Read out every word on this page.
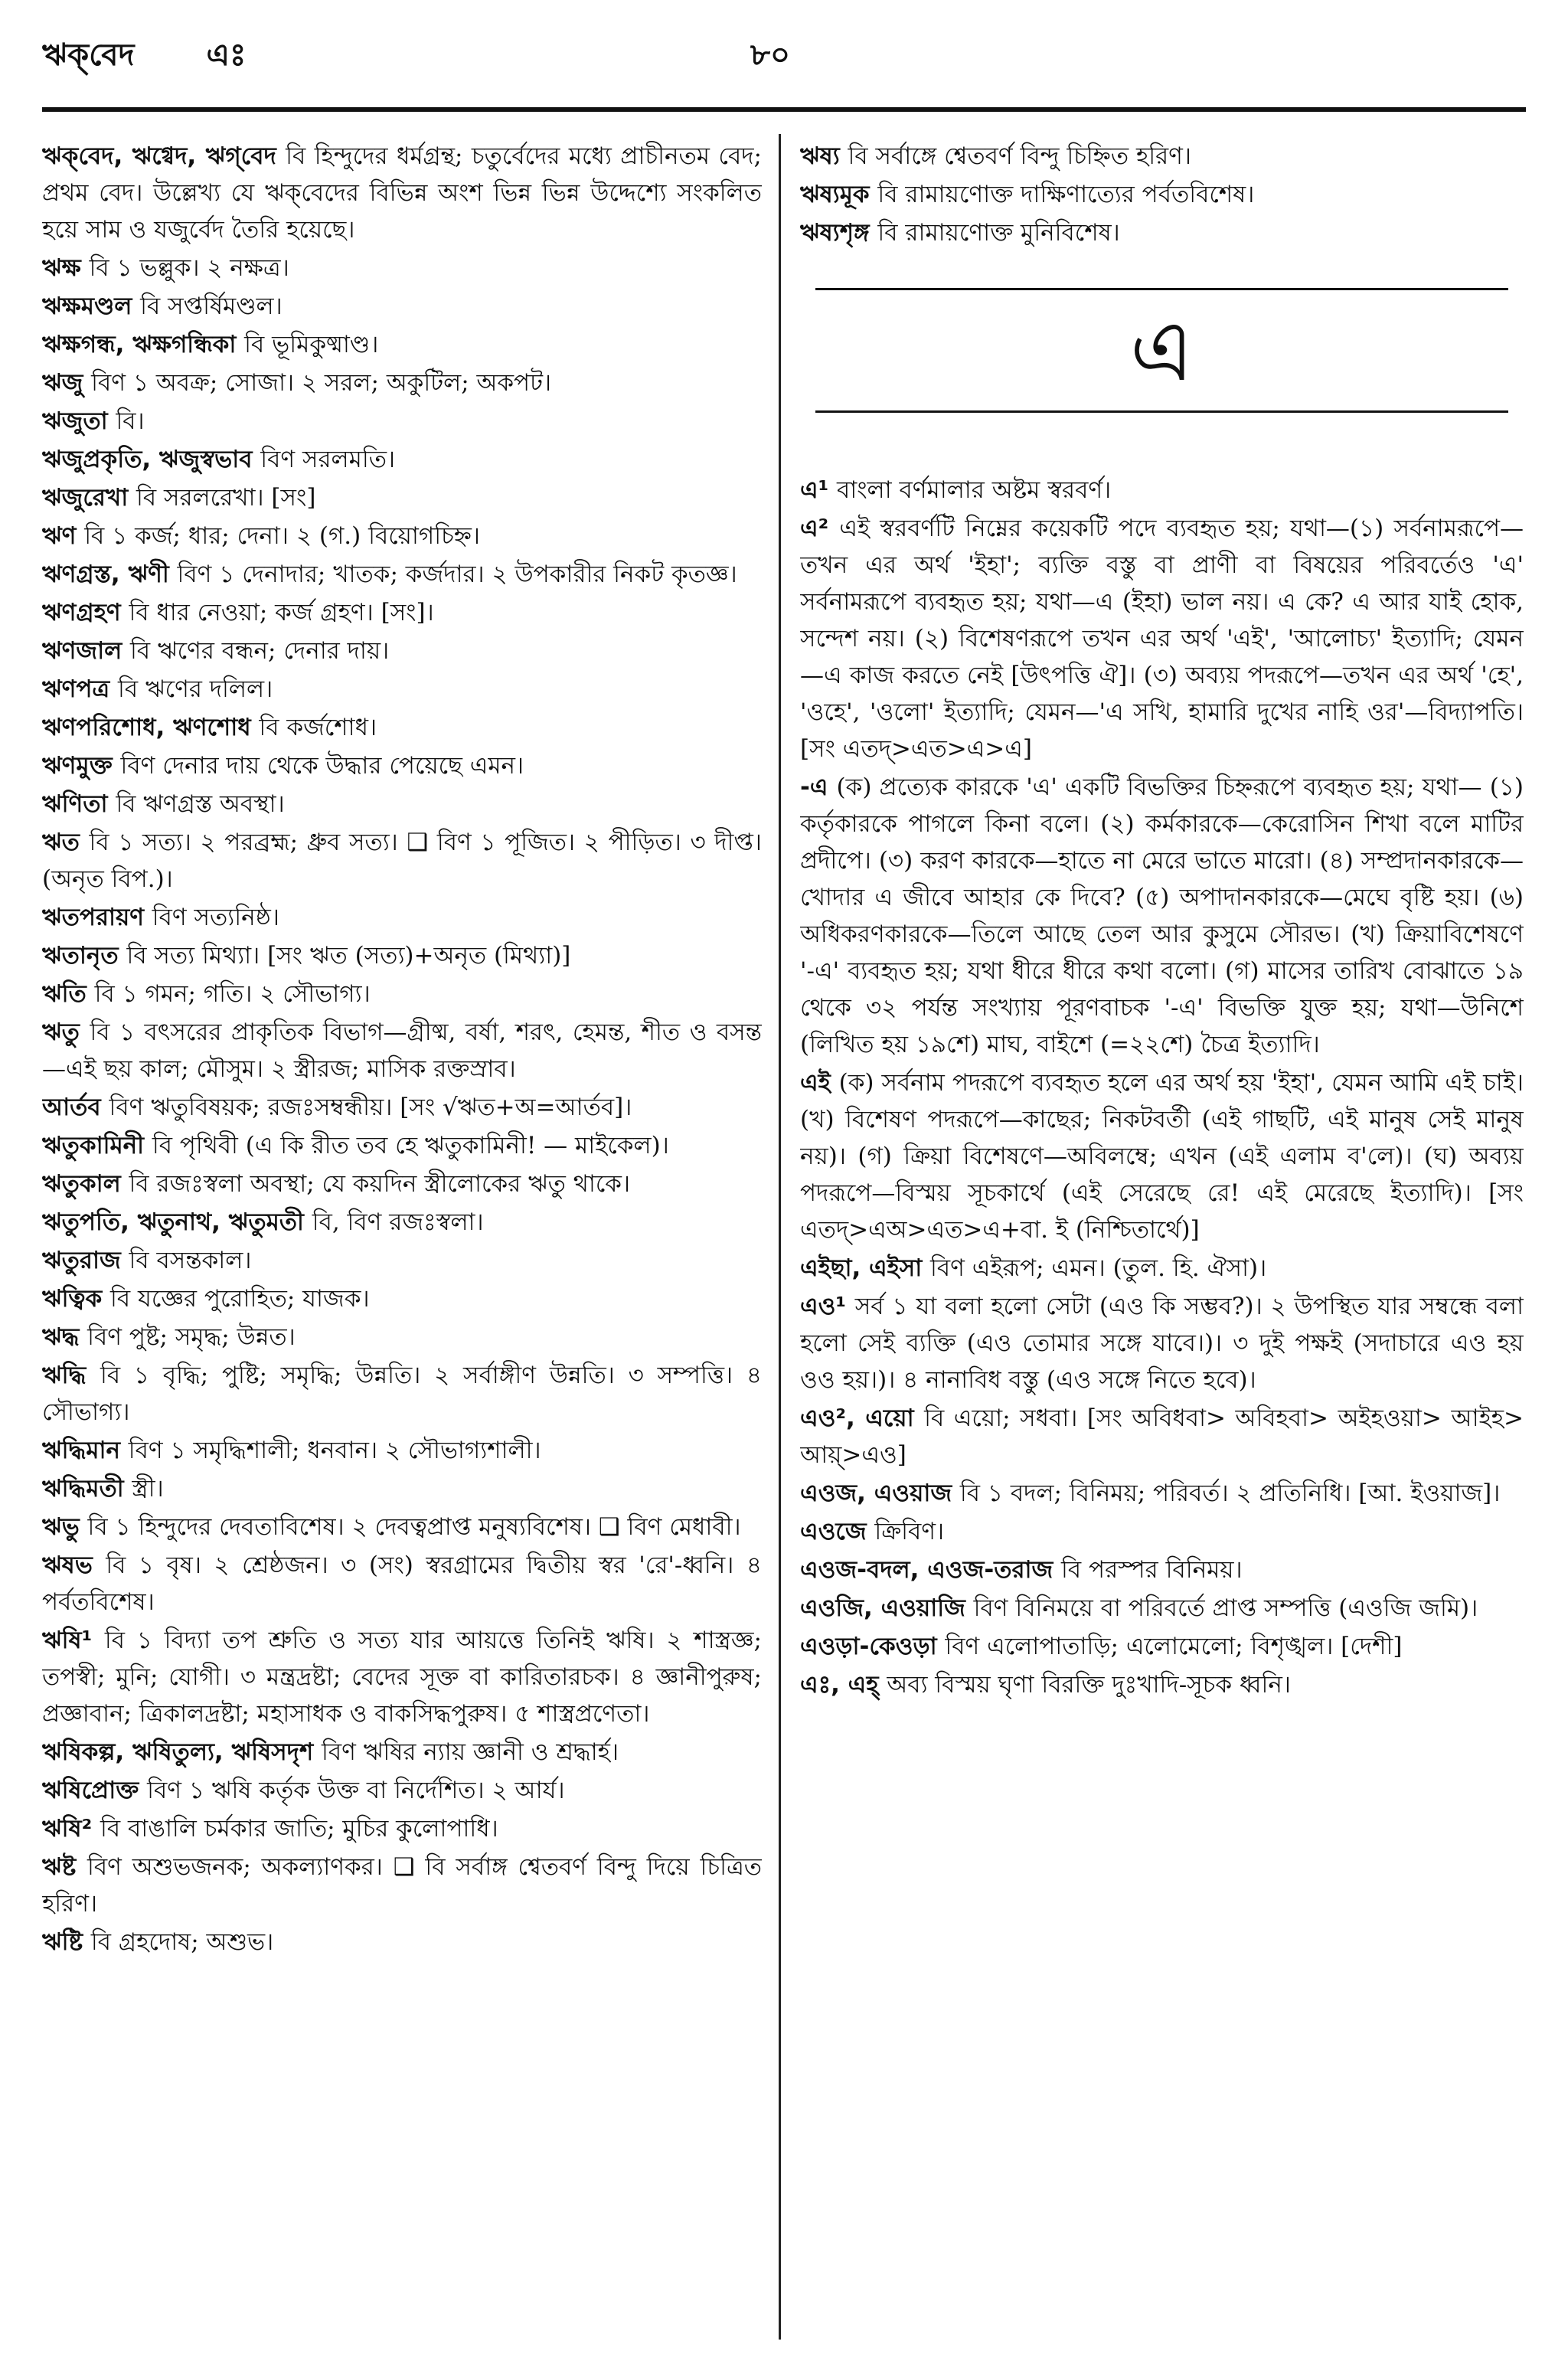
ঋক্‌বেদ এঃ	৮০
ঋক্‌বেদ, ঋগ্বেদ, ঋগ্‌বেদ বি হিন্দুদের ধর্মগ্রন্থ; চতুর্বেদের মধ্যে প্রাচীনতম বেদ; প্রথম বেদ। উল্লেখ্য যে ঋক্‌বেদের বিভিন্ন অংশ ভিন্ন ভিন্ন উদ্দেশ্যে সংকলিত হয়ে সাম ও যজুর্বেদ তৈরি হয়েছে।
ঋক্ষ বি ১ ভল্লুক। ২ নক্ষত্র।
ঋক্ষমণ্ডল বি সপ্তর্ষিমণ্ডল।
ঋক্ষগন্ধ, ঋক্ষগন্ধিকা বি ভূমিকুষ্মাণ্ড।
ঋজু বিণ ১ অবক্র; সোজা। ২ সরল; অকুটিল; অকপট।
ঋজুতা বি।
ঋজুপ্রকৃতি, ঋজুস্বভাব বিণ সরলমতি।
ঋজুরেখা বি সরলরেখা। [সং]
ঋণ বি ১ কর্জ; ধার; দেনা। ২ (গ.) বিয়োগচিহ্ন।
ঋণগ্রস্ত, ঋণী বিণ ১ দেনাদার; খাতক; কর্জদার। ২ উপকারীর নিকট কৃতজ্ঞ।
ঋণগ্রহণ বি ধার নেওয়া; কর্জ গ্রহণ। [সং]।
ঋণজাল বি ঋণের বন্ধন; দেনার দায়।
ঋণপত্র বি ঋণের দলিল।
ঋণপরিশোধ, ঋণশোধ বি কর্জশোধ।
ঋণমুক্ত বিণ দেনার দায় থেকে উদ্ধার পেয়েছে এমন।
ঋণিতা বি ঋণগ্রস্ত অবস্থা।
ঋত বি ১ সত্য। ২ পরব্রহ্ম; ধ্রুব সত্য। ❑ বিণ ১ পূজিত। ২ পীড়িত। ৩ দীপ্ত। (অনৃত বিপ.)।
ঋতপরায়ণ বিণ সত্যনিষ্ঠ।
ঋতানৃত বি সত্য মিথ্যা। [সং ঋত (সত্য)+অনৃত (মিথ্যা)]
ঋতি বি ১ গমন; গতি। ২ সৌভাগ্য।
ঋতু বি ১ বৎসরের প্রাকৃতিক বিভাগ—গ্রীষ্ম, বর্ষা, শরৎ, হেমন্ত, শীত ও বসন্ত—এই ছয় কাল; মৌসুম। ২ স্ত্রীরজ; মাসিক রক্তস্রাব।
আর্তব বিণ ঋতুবিষয়ক; রজঃসম্বন্ধীয়। [সং √ঋত+অ=আর্তব]।
ঋতুকামিনী বি পৃথিবী (এ কি রীত তব হে ঋতুকামিনী! — মাইকেল)।
ঋতুকাল বি রজঃস্বলা অবস্থা; যে কয়দিন স্ত্রীলোকের ঋতু থাকে।
ঋতুপতি, ঋতুনাথ, ঋতুমতী বি, বিণ রজঃস্বলা।
ঋতুরাজ বি বসন্তকাল।
ঋত্বিক বি যজ্ঞের পুরোহিত; যাজক।
ঋদ্ধ বিণ পুষ্ট; সমৃদ্ধ; উন্নত।
ঋদ্ধি বি ১ বৃদ্ধি; পুষ্টি; সমৃদ্ধি; উন্নতি। ২ সর্বাঙ্গীণ উন্নতি। ৩ সম্পত্তি। ৪ সৌভাগ্য।
ঋদ্ধিমান বিণ ১ সমৃদ্ধিশালী; ধনবান। ২ সৌভাগ্যশালী।
ঋদ্ধিমতী স্ত্রী।
ঋভু বি ১ হিন্দুদের দেবতাবিশেষ। ২ দেবত্বপ্রাপ্ত মনুষ্যবিশেষ। ❑ বিণ মেধাবী।
ঋষভ বি ১ বৃষ। ২ শ্রেষ্ঠজন। ৩ (সং) স্বরগ্রামের দ্বিতীয় স্বর 'রে'-ধ্বনি। ৪ পর্বতবিশেষ।
ঋষি¹ বি ১ বিদ্যা তপ শ্রুতি ও সত্য যার আয়ত্তে তিনিই ঋষি। ২ শাস্ত্রজ্ঞ; তপস্বী; মুনি; যোগী। ৩ মন্ত্রদ্রষ্টা; বেদের সূক্ত বা কারিতারচক। ৪ জ্ঞানীপুরুষ; প্রজ্ঞাবান; ত্রিকালদ্রষ্টা; মহাসাধক ও বাকসিদ্ধপুরুষ। ৫ শাস্ত্রপ্রণেতা।
ঋষিকল্প, ঋষিতুল্য, ঋষিসদৃশ বিণ ঋষির ন্যায় জ্ঞানী ও শ্রদ্ধার্হ।
ঋষিপ্রোক্ত বিণ ১ ঋষি কর্তৃক উক্ত বা নির্দেশিত। ২ আর্য।
ঋষি² বি বাঙালি চর্মকার জাতি; মুচির কুলোপাধি।
ঋষ্ট বিণ অশুভজনক; অকল্যাণকর। ❑ বি সর্বাঙ্গ শ্বেতবর্ণ বিন্দু দিয়ে চিত্রিত হরিণ।
ঋষ্টি বি গ্রহদোষ; অশুভ।
ঋষ্য বি সর্বাঙ্গে শ্বেতবর্ণ বিন্দু চিহ্নিত হরিণ।
ঋষ্যমূক বি রামায়ণোক্ত দাক্ষিণাত্যের পর্বতবিশেষ।
ঋষ্যশৃঙ্গ বি রামায়ণোক্ত মুনিবিশেষ।
এ
এ¹ বাংলা বর্ণমালার অষ্টম স্বরবর্ণ।
এ² এই স্বরবর্ণটি নিম্নের কয়েকটি পদে ব্যবহৃত হয়; যথা—(১) সর্বনামরূপে—তখন এর অর্থ 'ইহা'; ব্যক্তি বস্তু বা প্রাণী বা বিষয়ের পরিবর্তেও 'এ' সর্বনামরূপে ব্যবহৃত হয়; যথা—এ (ইহা) ভাল নয়। এ কে? এ আর যাই হোক, সন্দেশ নয়। (২) বিশেষণরূপে তখন এর অর্থ 'এই', 'আলোচ্য' ইত্যাদি; যেমন—এ কাজ করতে নেই [উৎপত্তি ঐ]। (৩) অব্যয় পদরূপে—তখন এর অর্থ 'হে', 'ওহে', 'ওলো' ইত্যাদি; যেমন—'এ সখি, হামারি দুখের নাহি ওর'—বিদ্যাপতি। [সং এতদ্>এত>এ>এ]
-এ (ক) প্রত্যেক কারকে 'এ' একটি বিভক্তির চিহ্নরূপে ব্যবহৃত হয়; যথা— (১) কর্তৃকারকে পাগলে কিনা বলে। (২) কর্মকারকে—কেরোসিন শিখা বলে মাটির প্রদীপে। (৩) করণ কারকে—হাতে না মেরে ভাতে মারো। (৪) সম্প্রদানকারকে—খোদার এ জীবে আহার কে দিবে? (৫) অপাদানকারকে—মেঘে বৃষ্টি হয়। (৬) অধিকরণকারকে—তিলে আছে তেল আর কুসুমে সৌরভ। (খ) ক্রিয়াবিশেষণে '-এ' ব্যবহৃত হয়; যথা ধীরে ধীরে কথা বলো। (গ) মাসের তারিখ বোঝাতে ১৯ থেকে ৩২ পর্যন্ত সংখ্যায় পূরণবাচক '-এ' বিভক্তি যুক্ত হয়; যথা—উনিশে (লিখিত হয় ১৯শে) মাঘ, বাইশে (=২২শে) চৈত্র ইত্যাদি।
এই (ক) সর্বনাম পদরূপে ব্যবহৃত হলে এর অর্থ হয় 'ইহা', যেমন আমি এই চাই। (খ) বিশেষণ পদরূপে—কাছের; নিকটবর্তী (এই গাছটি, এই মানুষ সেই মানুষ নয়)। (গ) ক্রিয়া বিশেষণে—অবিলম্বে; এখন (এই এলাম ব'লে)। (ঘ) অব্যয় পদরূপে—বিস্ময় সূচকার্থে (এই সেরেছে রে! এই মেরেছে ইত্যাদি)। [সং এতদ্>এঅ>এত>এ+বা. ই (নিশ্চিতার্থে)]
এইছা, এইসা বিণ এইরূপ; এমন। (তুল. হি. ঐসা)।
এও¹ সর্ব ১ যা বলা হলো সেটা (এও কি সম্ভব?)। ২ উপস্থিত যার সম্বন্ধে বলা হলো সেই ব্যক্তি (এও তোমার সঙ্গে যাবে।)। ৩ দুই পক্ষই (সদাচারে এও হয় ওও হয়।)। ৪ নানাবিধ বস্তু (এও সঙ্গে নিতে হবে)।
এও², এয়ো বি এয়ো; সধবা। [সং অবিধবা> অবিহবা> অইহওয়া> আইহ> আয়্>এও]
এওজ, এওয়াজ বি ১ বদল; বিনিময়; পরিবর্ত। ২ প্রতিনিধি। [আ. ইওয়াজ]।
এওজে ক্রিবিণ।
এওজ-বদল, এওজ-তরাজ বি পরস্পর বিনিময়।
এওজি, এওয়াজি বিণ বিনিময়ে বা পরিবর্তে প্রাপ্ত সম্পত্তি (এওজি জমি)।
এওড়া-কেওড়া বিণ এলোপাতাড়ি; এলোমেলো; বিশৃঙ্খল। [দেশী]
এঃ, এহ্ অব্য বিস্ময় ঘৃণা বিরক্তি দুঃখাদি-সূচক ধ্বনি।
